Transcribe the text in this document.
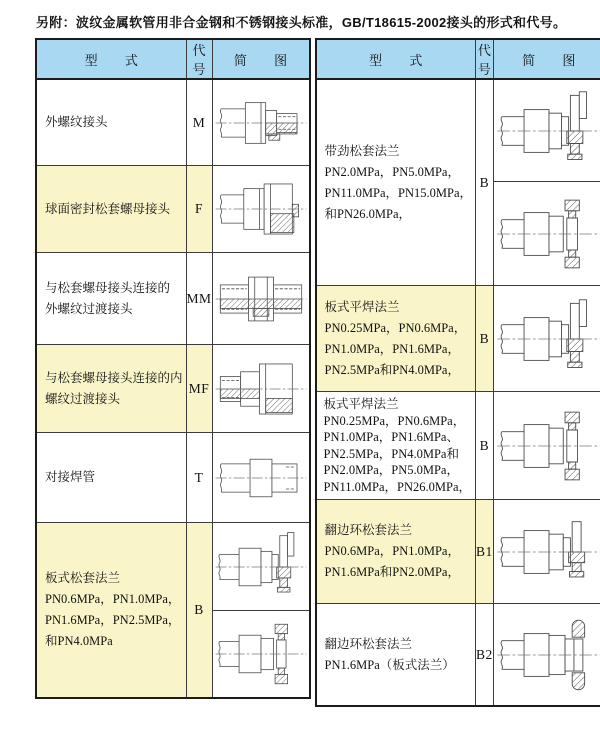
另附：波纹金属软管用非合金钢和不锈钢接头标准，GB/T18615-2002接头的形式和代号。
型 式	代号	简 图

外螺纹接头	M	

球面密封松套螺母接头	F	

与松套螺母接头连接的
外螺纹过渡接头	MM	

与松套螺母接头连接的内
螺纹过渡接头	MF	

对接焊管	T	

板式松套法兰
PN0.6MPa，PN1.0MPa，
PN1.6MPa，PN2.5MPa，
和PN4.0MPa	B	

型 式	代号	简 图

带劲松套法兰
PN2.0MPa，PN5.0MPa，
PN11.0MPa，PN15.0MPa，
和PN26.0MPa，	B	

板式平焊法兰
PN0.25MPa，PN0.6MPa，
PN1.0MPa，PN1.6MPa，
PN2.5MPa和PN4.0MPa，	B	

板式平焊法兰
PN0.25MPa，PN0.6MPa，
PN1.0MPa，PN1.6MPa、
PN2.5MPa，PN4.0MPa和
PN2.0MPa，PN5.0MPa，
PN11.0MPa，PN26.0MPa，
	B	

翻边环松套法兰
PN0.6MPa，PN1.0MPa，
PN1.6MPa和PN2.0MPa，	B1	

翻边环松套法兰
PN1.6MPa（板式法兰）	B2	
